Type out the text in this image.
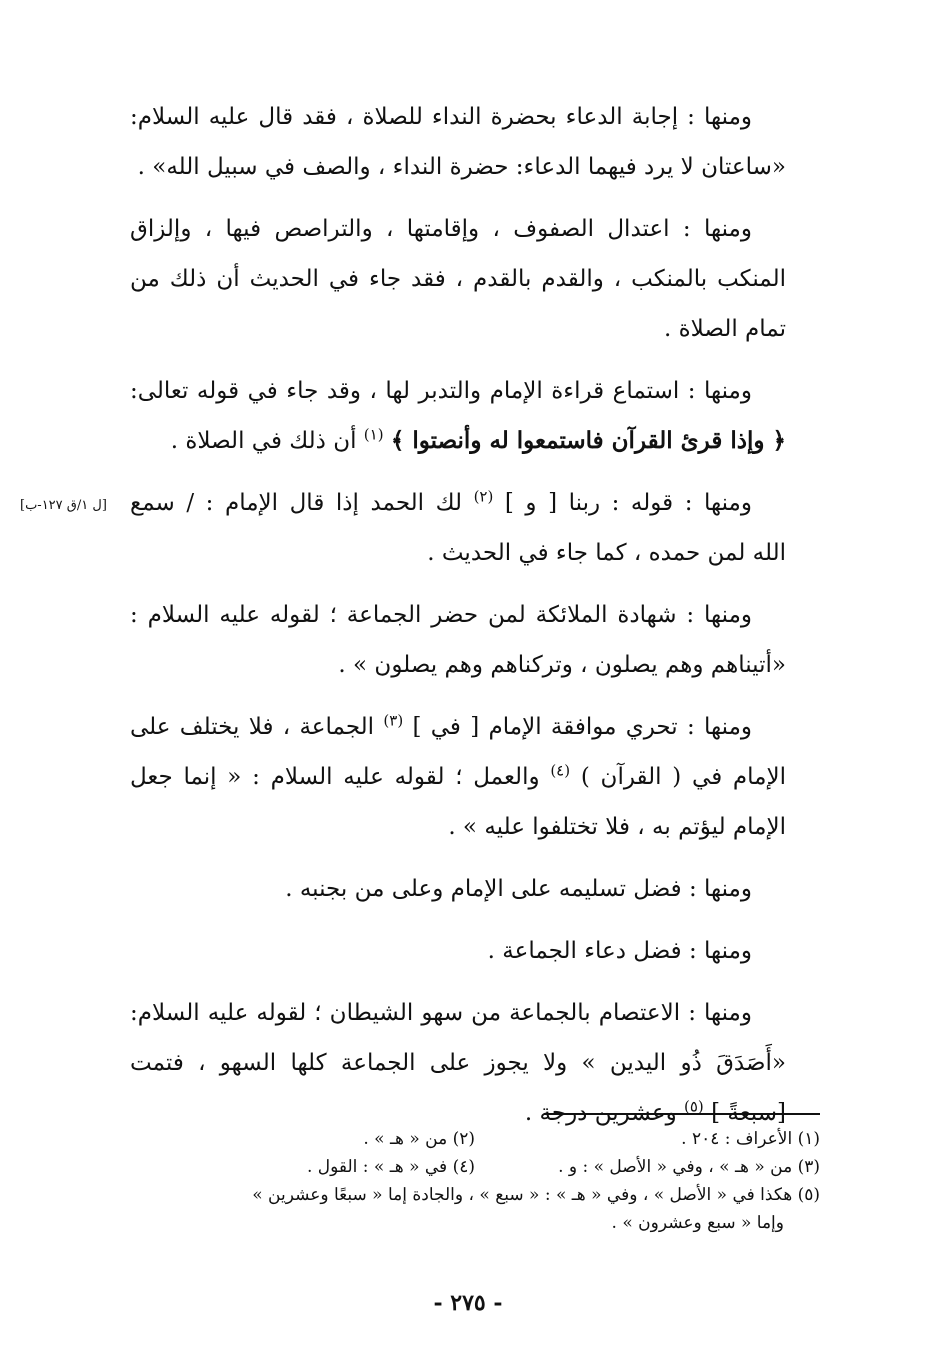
[ل ١/ق ١٢٧-ب]
ومنها : إجابة الدعاء بحضرة النداء للصلاة ، فقد قال عليه السلام:
«ساعتان لا يرد فيهما الدعاء: حضرة النداء ، والصف في سبيل الله» .
ومنها : اعتدال الصفوف ، وإقامتها ، والتراصص فيها ، وإلزاق
المنكب بالمنكب ، والقدم بالقدم ، فقد جاء في الحديث أن ذلك من
تمام الصلاة .
ومنها : استماع قراءة الإمام والتدبر لها ، وقد جاء في قوله تعالى:
﴿ وإذا قرئ القرآن فاستمعوا له وأنصتوا ﴾ $^{(١)}$ أن ذلك في الصلاة .
ومنها : قوله : ربنا [ و ] $^{(٢)}$ لك الحمد إذا قال الإمام : / سمع
الله لمن حمده ، كما جاء في الحديث .
ومنها : شهادة الملائكة لمن حضر الجماعة ؛ لقوله عليه السلام :
«أتيناهم وهم يصلون ، وتركناهم وهم يصلون » .
ومنها : تحري موافقة الإمام [ في ] $^{(٣)}$ الجماعة ، فلا يختلف على
الإمام في ( القرآن ) $^{(٤)}$ والعمل ؛ لقوله عليه السلام : « إنما جعل
الإمام ليؤتم به ، فلا تختلفوا عليه » .
ومنها : فضل تسليمه على الإمام وعلى من بجنبه .
ومنها : فضل دعاء الجماعة .
ومنها : الاعتصام بالجماعة من سهو الشيطان ؛ لقوله عليه السلام:
«أَصَدَقَ ذُو اليدين » ولا يجوز على الجماعة كلها السهو ، فتمت
[سبعةً ] $^{(٥)}$ وعشرين درجة .
(١) الأعراف : ٢٠٤ .
(٢) من « هـ » .
(٣) من « هـ » ، وفي « الأصل » : و .
(٤) في « هـ » : القول .
(٥) هكذا في « الأصل » ، وفي « هـ » : « سبع » ، والجادة إما « سبعًا وعشرين »
وإما « سبع وعشرون » .
- ٢٧٥ -
